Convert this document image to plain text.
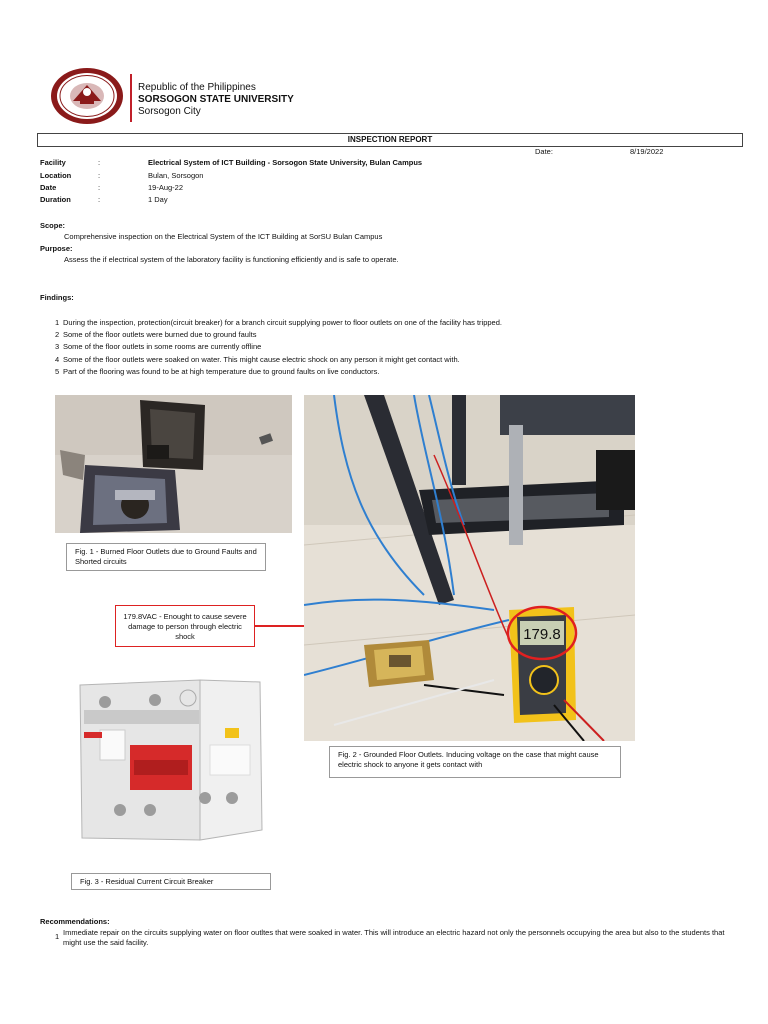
Republic of the Philippines
SORSOGON STATE UNIVERSITY
Sorsogon City
INSPECTION REPORT
Date:	8/19/2022
Facility	:	Electrical System of ICT Building - Sorsogon State University, Bulan Campus
Location	:	Bulan, Sorsogon
Date	:	19-Aug-22
Duration	:	1 Day
Scope:
Comprehensive inspection on the Electrical System of the ICT Building at SorSU Bulan Campus
Purpose:
Assess the if electrical system of the laboratory facility is functioning efficiently and is safe to operate.
Findings:
1 During the inspection, protection(circuit breaker) for a branch circuit supplying power to floor outlets on one of the facility has tripped.
2 Some of the floor outlets were burned due to ground faults
3 Some of the floor outlets in some rooms are currently offline
4 Some of the floor outlets were soaked on water. This might cause electric shock on any person it might get contact with.
5 Part of the flooring was found to be at high temperature due to ground faults on live conductors.
Fig. 1 - Burned Floor Outlets due to Ground Faults and Shorted circuits
179.8VAC - Enought to cause severe damage to person through electric shock	179.8
Fig. 2 - Grounded Floor Outlets. Inducing voltage on the case that might cause electric shock to anyone it gets contact with
Fig. 3 - Residual Current Circuit Breaker
Recommendations:
1 Immediate repair on the circuits supplying water on floor outltes that were soaked in water. This will introduce an electric hazard not only the personnels occupying the area but also to the students that might use the said facility.
